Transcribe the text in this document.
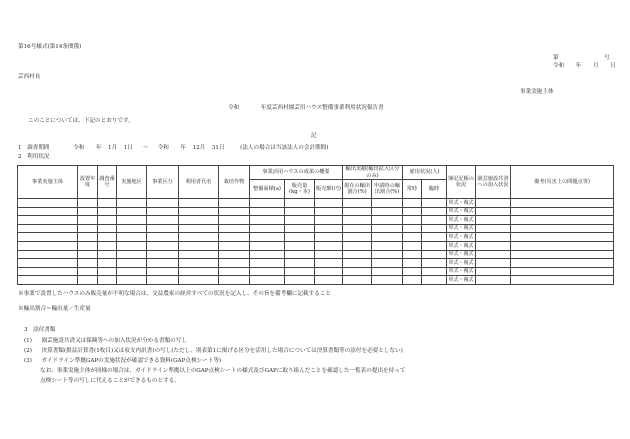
第16号様式(第14条関係)
第	号
令和 年 月 日
芸西村長
事業実施主体
令和	年度芸西村園芸用ハウス整備事業利用状況報告書
このことについては、下記のとおりです。
記
1　調査期間	令和 年 1月 1日 ～ 令和 年 12月 31日	(法人の場合は当該法人の会計期間)
2　利用状況
事業実施主体	設置年度	調査番号	実施地区	事業区分	利用者氏名	栽培作物	事業活用ハウスの成果の概要			輸出実績(輸出拡大区分のみ)		雇用状況(人)		簿記記帳の状況	園芸施設共済への加入状況	備考(災害上の問題点等)
							整備面積(a)	販売量(kg・本)	販売額(円)	現在の輸出割合(%)	申請時の輸出割合(%)	常時	臨時			
														単式・複式		
														単式・複式		
														単式・複式		
														単式・複式		
														単式・複式		
														単式・複式		
														単式・複式		
														単式・複式		
														単式・複式		
														単式・複式		
※事業で設置したハウスのみ販売量が不明な場合は、交益農家の経営すべての状況を記入し、その旨を備考欄に記載すること
※輸出割合＝輸出量／生産量
3　添付書類
(1) 園芸施設共済又は保険等への加入状況が分かる書類の写し
(2) 決算書類(損益計算書(1枚目)又は収支内訳書)の写し(ただし、別表第1に掲げる区分を活用した場合については決算書類等の添付を必要としない)
(3) ガイドライン準拠GAPの実施状況が確認できる資料(GAP点検シート等)
なお、事業実施主体が同様の場合は、ガイドライン準拠以上のGAP点検シートの様式及びGAPに取り組んだことを確認した一覧表の提出を持って
点検シート等の写しに代えることができるものとする。
